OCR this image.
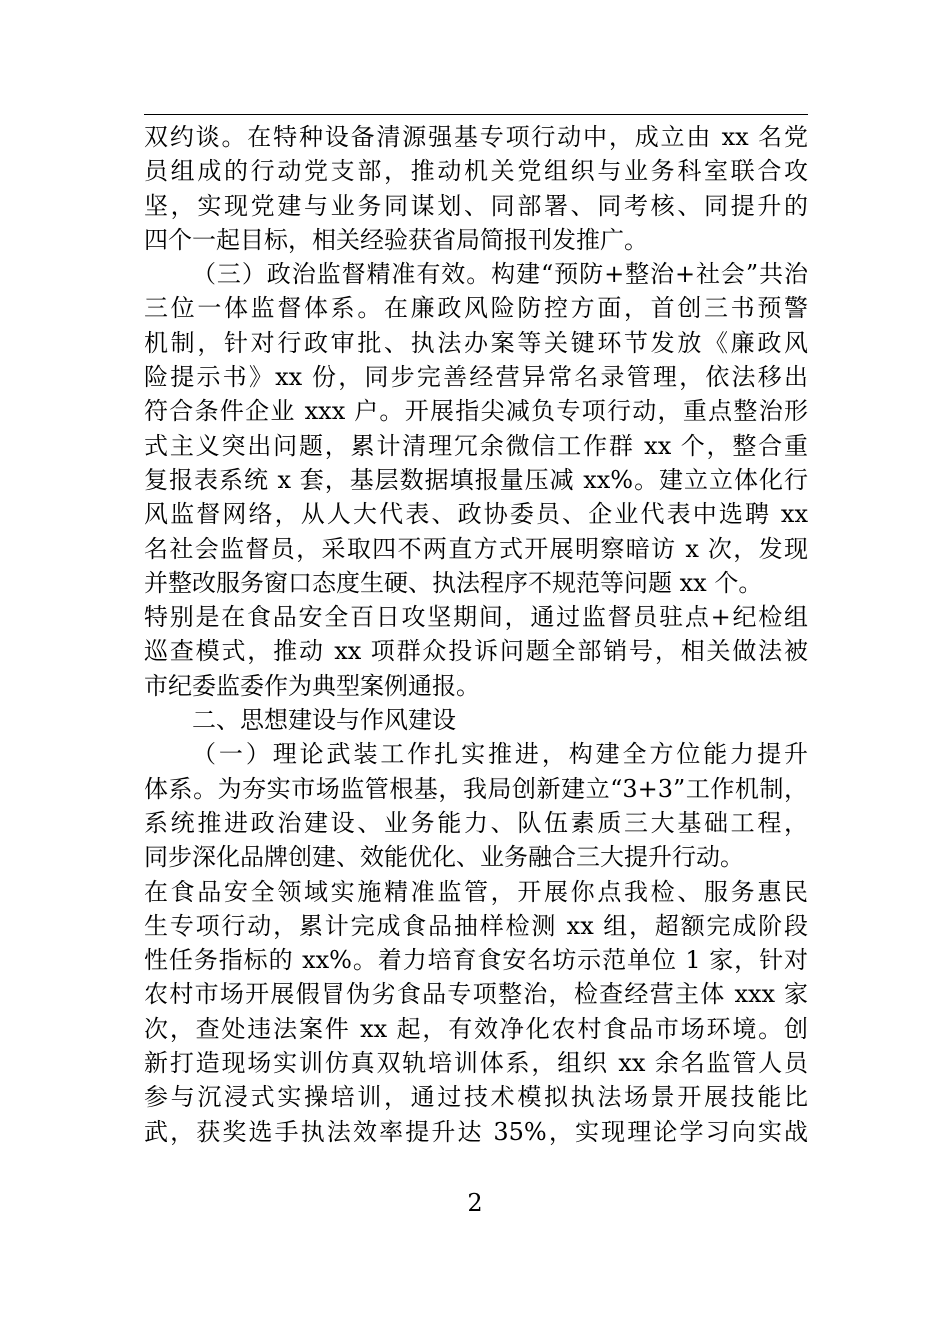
双约谈。在特种设备清源强基专项行动中，成立由 xx 名党
员组成的行动党支部，推动机关党组织与业务科室联合攻
坚，实现党建与业务同谋划、同部署、同考核、同提升的
四个一起目标，相关经验获省局简报刊发推广。
（三）政治监督精准有效。构建“预防+整治+社会”共治
三位一体监督体系。在廉政风险防控方面，首创三书预警
机制，针对行政审批、执法办案等关键环节发放《廉政风
险提示书》xx 份，同步完善经营异常名录管理，依法移出
符合条件企业 xxx 户。开展指尖减负专项行动，重点整治形
式主义突出问题，累计清理冗余微信工作群 xx 个，整合重
复报表系统 x 套，基层数据填报量压减 xx%。建立立体化行
风监督网络，从人大代表、政协委员、企业代表中选聘 xx
名社会监督员，采取四不两直方式开展明察暗访 x 次，发现
并整改服务窗口态度生硬、执法程序不规范等问题 xx 个。
特别是在食品安全百日攻坚期间，通过监督员驻点+纪检组
巡查模式，推动 xx 项群众投诉问题全部销号，相关做法被
市纪委监委作为典型案例通报。
二、思想建设与作风建设
（一）理论武装工作扎实推进，构建全方位能力提升
体系。为夯实市场监管根基，我局创新建立“3+3”工作机制，
系统推进政治建设、业务能力、队伍素质三大基础工程，
同步深化品牌创建、效能优化、业务融合三大提升行动。
在食品安全领域实施精准监管，开展你点我检、服务惠民
生专项行动，累计完成食品抽样检测 xx 组，超额完成阶段
性任务指标的 xx%。着力培育食安名坊示范单位 1 家，针对
农村市场开展假冒伪劣食品专项整治，检查经营主体 xxx 家
次，查处违法案件 xx 起，有效净化农村食品市场环境。创
新打造现场实训仿真双轨培训体系，组织 xx 余名监管人员
参与沉浸式实操培训，通过技术模拟执法场景开展技能比
武，获奖选手执法效率提升达 35%，实现理论学习向实战
2
